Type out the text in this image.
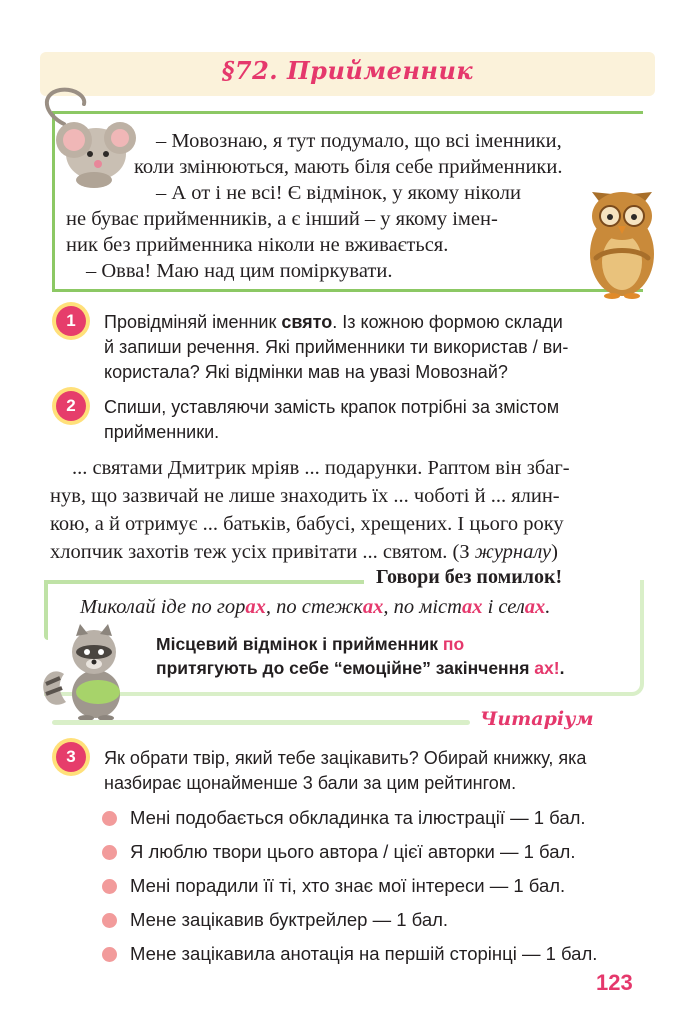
§72. Прийменник
– Мовознаю, я тут подумало, що всі іменники,
коли змінюються, мають біля себе прийменники.
– А от і не всі! Є відмінок, у якому ніколи
не буває прийменників, а є інший – у якому імен-
ник без прийменника ніколи не вживається.
– Овва! Маю над цим поміркувати.
1	Провідміняй іменник свято. Із кожною формою склади
й запиши речення. Які прийменники ти використав / ви-
користала? Які відмінки мав на увазі Мовознай?
2	Спиши, уставляючи замість крапок потрібні за змістом
прийменники.
... святами Дмитрик мріяв ... подарунки. Раптом він збаг-
нув, що зазвичай не лише знаходить їх ... чоботі й ... ялин-
кою, а й отримує ... батьків, бабусі, хрещених. І цього року
хлопчик захотів теж усіх привітати ... святом. (З журналу)
Говори без помилок!
Миколай іде по горах, по стежках, по містах і селах.
Місцевий відмінок і прийменник по
притягують до себе “емоційне” закінчення ах!.
Читаріум
3	Як обрати твір, який тебе зацікавить? Обирай книжку, яка
назбирає щонайменше 3 бали за цим рейтингом.
Мені подобається обкладинка та ілюстрації — 1 бал.
Я люблю твори цього автора / цієї авторки — 1 бал.
Мені порадили її ті, хто знає мої інтереси — 1 бал.
Мене зацікавив буктрейлер — 1 бал.
Мене зацікавила анотація на першій сторінці — 1 бал.
123
